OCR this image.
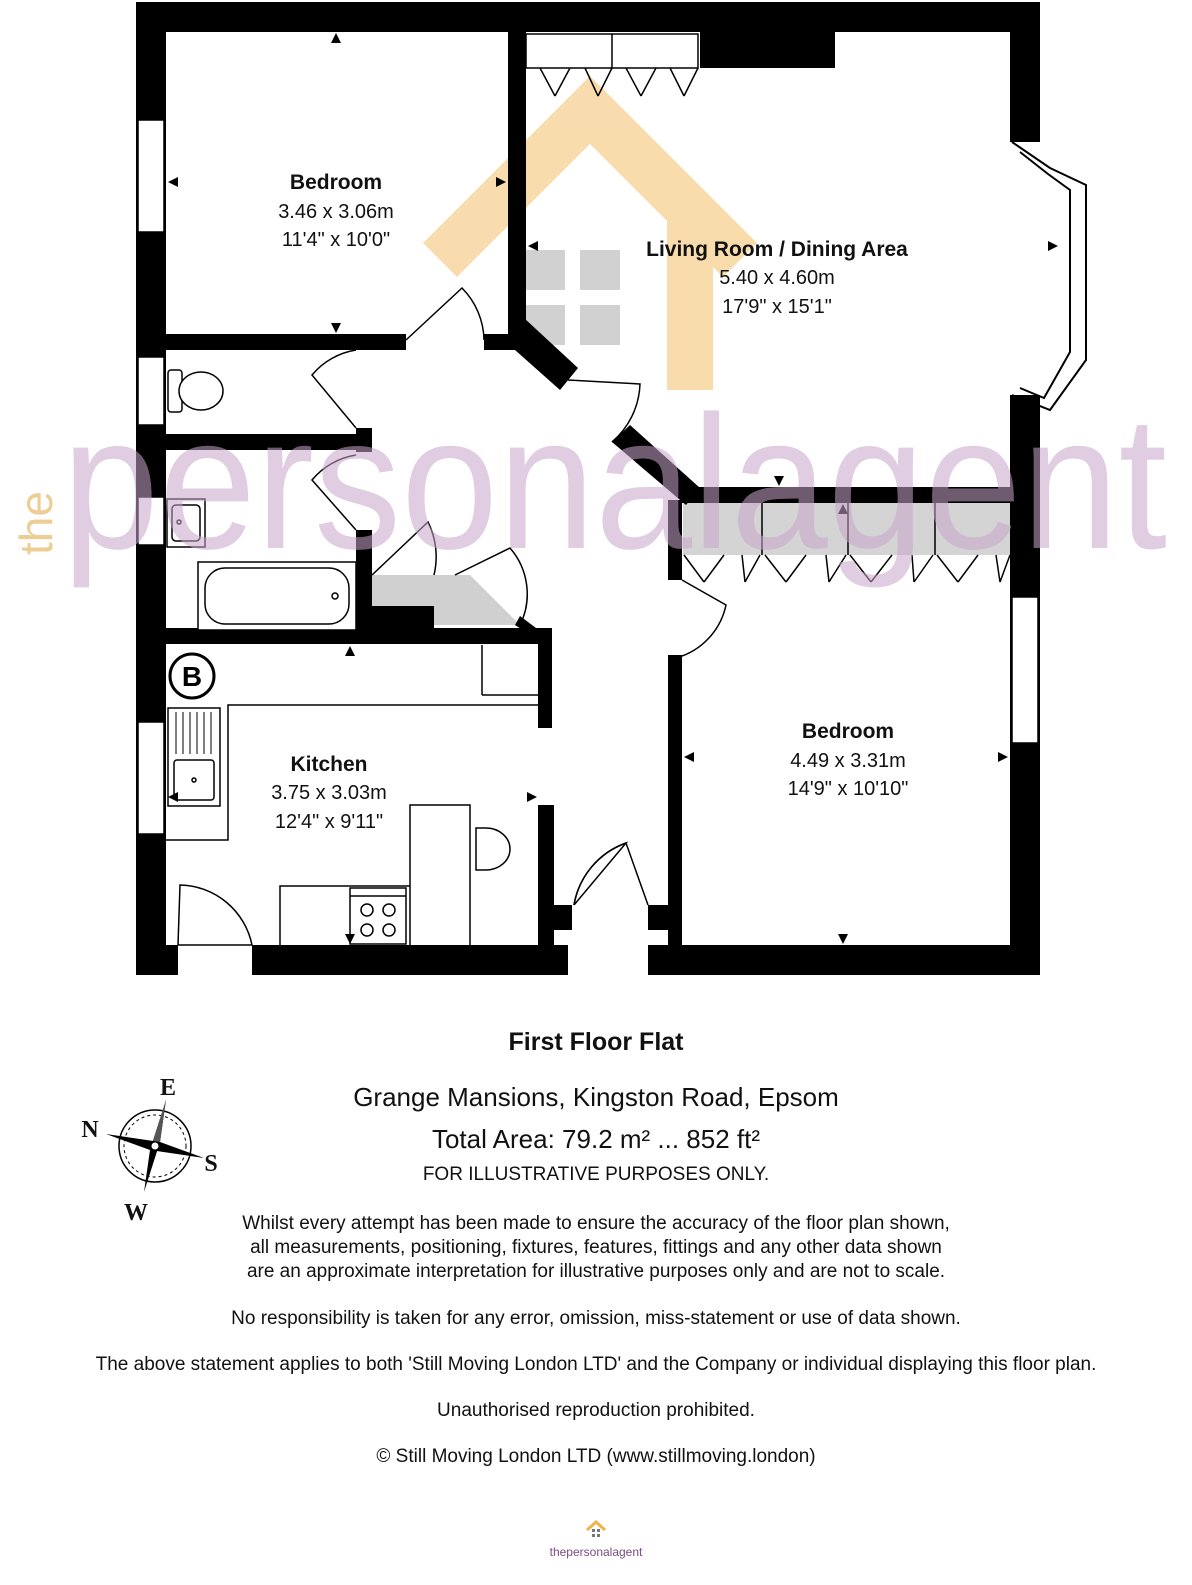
B
Bedroom
3.46 x 3.06m
11'4" x 10'0"	Living Room / Dining Area
5.40 x 4.60m
17'9" x 15'1"
Kitchen
3.75 x 3.03m
12'4" x 9'11"
Bedroom
4.49 x 3.31m
14'9" x 10'10"
the personalagent
E
N
S
W
First Floor Flat
Grange Mansions, Kingston Road, Epsom
Total Area: 79.2 m² ... 852 ft²
FOR ILLUSTRATIVE PURPOSES ONLY.
Whilst every attempt has been made to ensure the accuracy of the floor plan shown,
all measurements, positioning, fixtures, features, fittings and any other data shown
are an approximate interpretation for illustrative purposes only and are not to scale.
No responsibility is taken for any error, omission, miss-statement or use of data shown.
The above statement applies to both 'Still Moving London LTD' and the Company or individual displaying this floor plan.
Unauthorised reproduction prohibited.
© Still Moving London LTD (www.stillmoving.london)
thepersonalagent
